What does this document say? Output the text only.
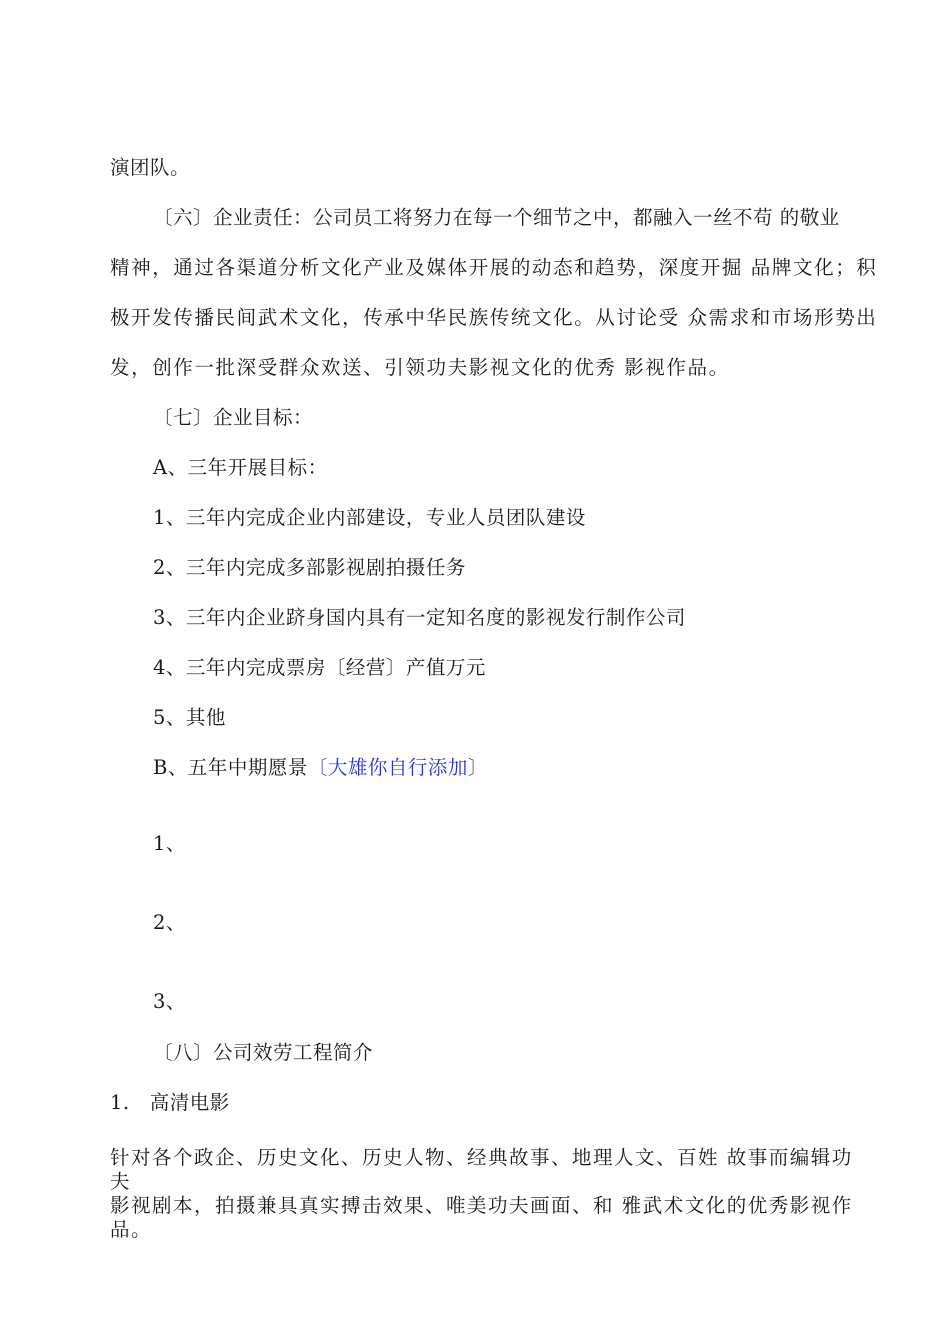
演团队。
〔六〕企业责任：公司员工将努力在每一个细节之中，都融入一丝不苟 的敬业
精神，通过各渠道分析文化产业及媒体开展的动态和趋势，深度开掘 品牌文化；积
极开发传播民间武术文化，传承中华民族传统文化。从讨论受 众需求和市场形势出
发，创作一批深受群众欢送、引领功夫影视文化的优秀 影视作品。
〔七〕企业目标：
A、三年开展目标：
1、三年内完成企业内部建设，专业人员团队建设
2、三年内完成多部影视剧拍摄任务
3、三年内企业跻身国内具有一定知名度的影视发行制作公司
4、三年内完成票房〔经营〕产值万元
5、其他
B、五年中期愿景〔大雄你自行添加〕
1、
2、
3、
〔八〕公司效劳工程简介
1.   高清电影
针对各个政企、历史文化、历史人物、经典故事、地理人文、百姓 故事而编辑功夫
影视剧本，拍摄兼具真实搏击效果、唯美功夫画面、和 雅武术文化的优秀影视作
品。
